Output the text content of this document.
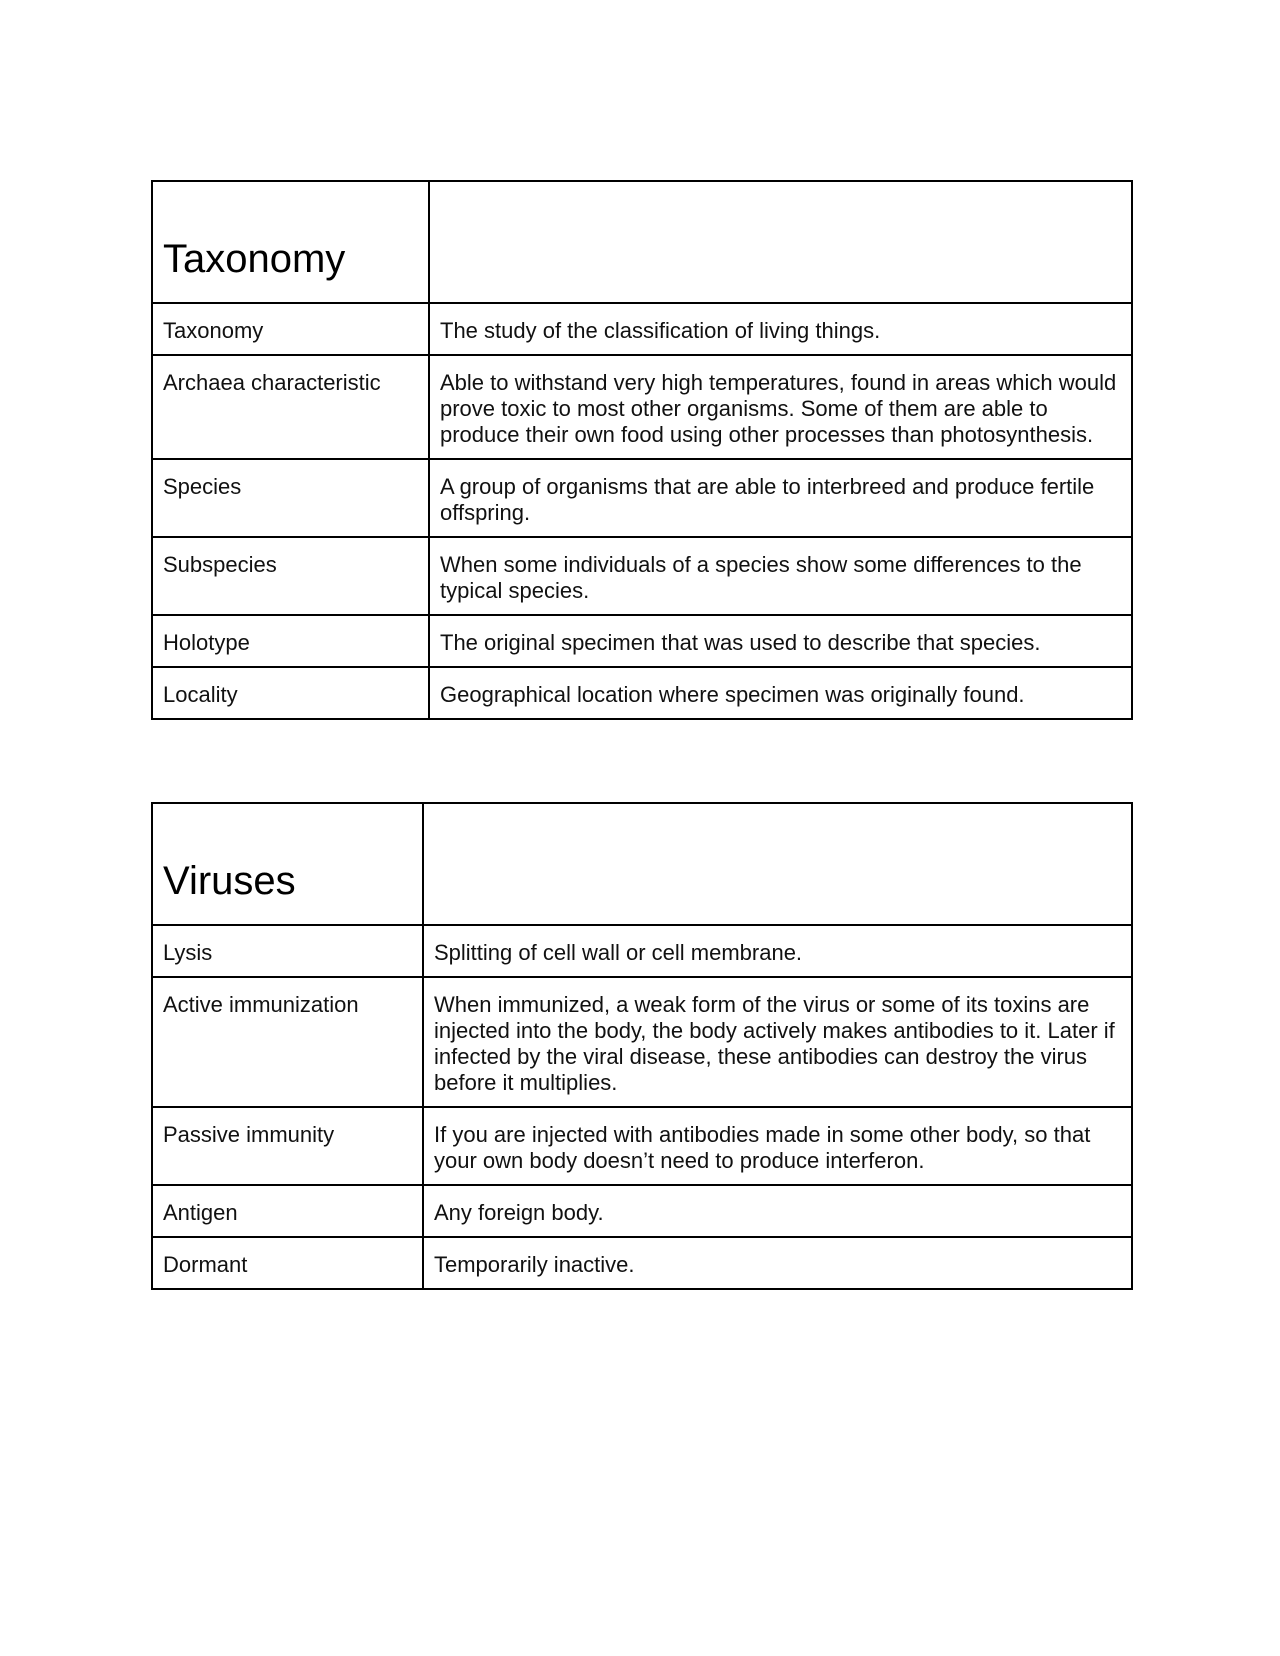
Taxonomy	
Taxonomy	The study of the classification of living things.
Archaea characteristic	Able to withstand very high temperatures, found in areas which would prove toxic to most other organisms. Some of them are able to produce their own food using other processes than photosynthesis.
Species	A group of organisms that are able to interbreed and produce fertile offspring.
Subspecies	When some individuals of a species show some differences to the typical species.
Holotype	The original specimen that was used to describe that species.
Locality	Geographical location where specimen was originally found.
Viruses	
Lysis	Splitting of cell wall or cell membrane.
Active immunization	When immunized, a weak form of the virus or some of its toxins are injected into the body, the body actively makes antibodies to it. Later if infected by the viral disease, these antibodies can destroy the virus before it multiplies.
Passive immunity	If you are injected with antibodies made in some other body, so that your own body doesn’t need to produce interferon.
Antigen	Any foreign body.
Dormant	Temporarily inactive.
